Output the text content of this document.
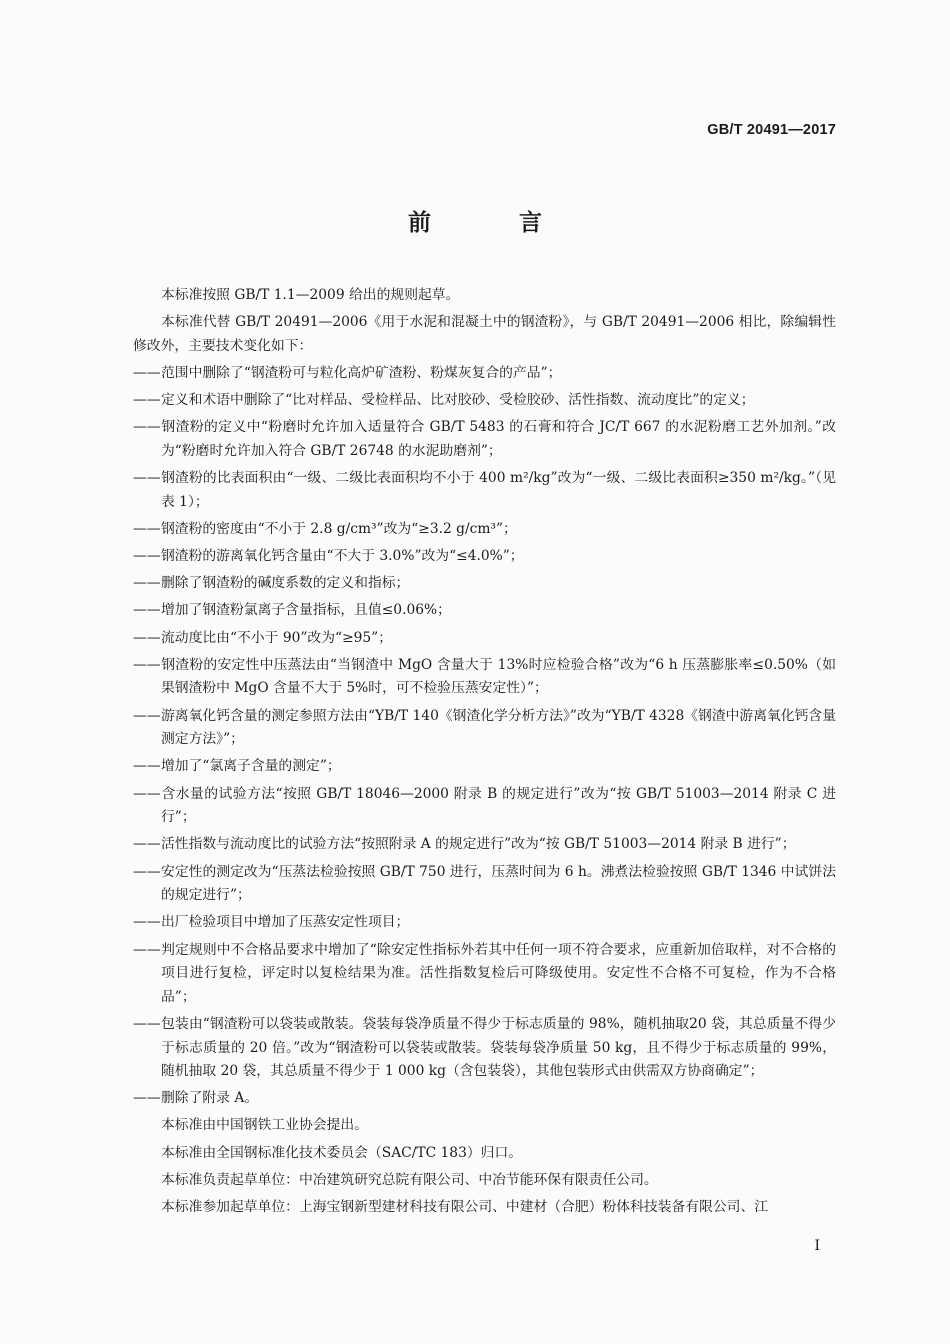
GB/T 20491—2017
前 言
本标准按照 GB/T 1.1—2009 给出的规则起草。
本标准代替 GB/T 20491—2006《用于水泥和混凝土中的钢渣粉》，与 GB/T 20491—2006 相比，除编辑性修改外，主要技术变化如下：
——范围中删除了“钢渣粉可与粒化高炉矿渣粉、粉煤灰复合的产品”；
——定义和术语中删除了“比对样品、受检样品、比对胶砂、受检胶砂、活性指数、流动度比”的定义；
——钢渣粉的定义中“粉磨时允许加入适量符合 GB/T 5483 的石膏和符合 JC/T 667 的水泥粉磨工艺外加剂。”改为“粉磨时允许加入符合 GB/T 26748 的水泥助磨剂”；
——钢渣粉的比表面积由“一级、二级比表面积均不小于 400 m²/kg”改为“一级、二级比表面积≥350 m²/kg。”（见表 1）；
——钢渣粉的密度由“不小于 2.8 g/cm³”改为“≥3.2 g/cm³”；
——钢渣粉的游离氧化钙含量由“不大于 3.0%”改为“≤4.0%”；
——删除了钢渣粉的碱度系数的定义和指标；
——增加了钢渣粉氯离子含量指标，且值≤0.06%；
——流动度比由“不小于 90”改为“≥95”；
——钢渣粉的安定性中压蒸法由“当钢渣中 MgO 含量大于 13%时应检验合格”改为“6 h 压蒸膨胀率≤0.50%（如果钢渣粉中 MgO 含量不大于 5%时，可不检验压蒸安定性）”；
——游离氧化钙含量的测定参照方法由“YB/T 140《钢渣化学分析方法》”改为“YB/T 4328《钢渣中游离氧化钙含量测定方法》”；
——增加了“氯离子含量的测定”；
——含水量的试验方法“按照 GB/T 18046—2000 附录 B 的规定进行”改为“按 GB/T 51003—2014 附录 C 进行”；
——活性指数与流动度比的试验方法“按照附录 A 的规定进行”改为“按 GB/T 51003—2014 附录 B 进行”；
——安定性的测定改为“压蒸法检验按照 GB/T 750 进行，压蒸时间为 6 h。沸煮法检验按照 GB/T 1346 中试饼法的规定进行”；
——出厂检验项目中增加了压蒸安定性项目；
——判定规则中不合格品要求中增加了“除安定性指标外若其中任何一项不符合要求，应重新加倍取样，对不合格的项目进行复检，评定时以复检结果为准。活性指数复检后可降级使用。安定性不合格不可复检，作为不合格品”；
——包装由“钢渣粉可以袋装或散装。袋装每袋净质量不得少于标志质量的 98%，随机抽取20 袋，其总质量不得少于标志质量的 20 倍。”改为“钢渣粉可以袋装或散装。袋装每袋净质量 50 kg，且不得少于标志质量的 99%，随机抽取 20 袋，其总质量不得少于 1 000 kg（含包装袋），其他包装形式由供需双方协商确定”；
——删除了附录 A。
本标准由中国钢铁工业协会提出。
本标准由全国钢标准化技术委员会（SAC/TC 183）归口。
本标准负责起草单位：中冶建筑研究总院有限公司、中冶节能环保有限责任公司。
本标准参加起草单位：上海宝钢新型建材科技有限公司、中建材（合肥）粉体科技装备有限公司、江
I
